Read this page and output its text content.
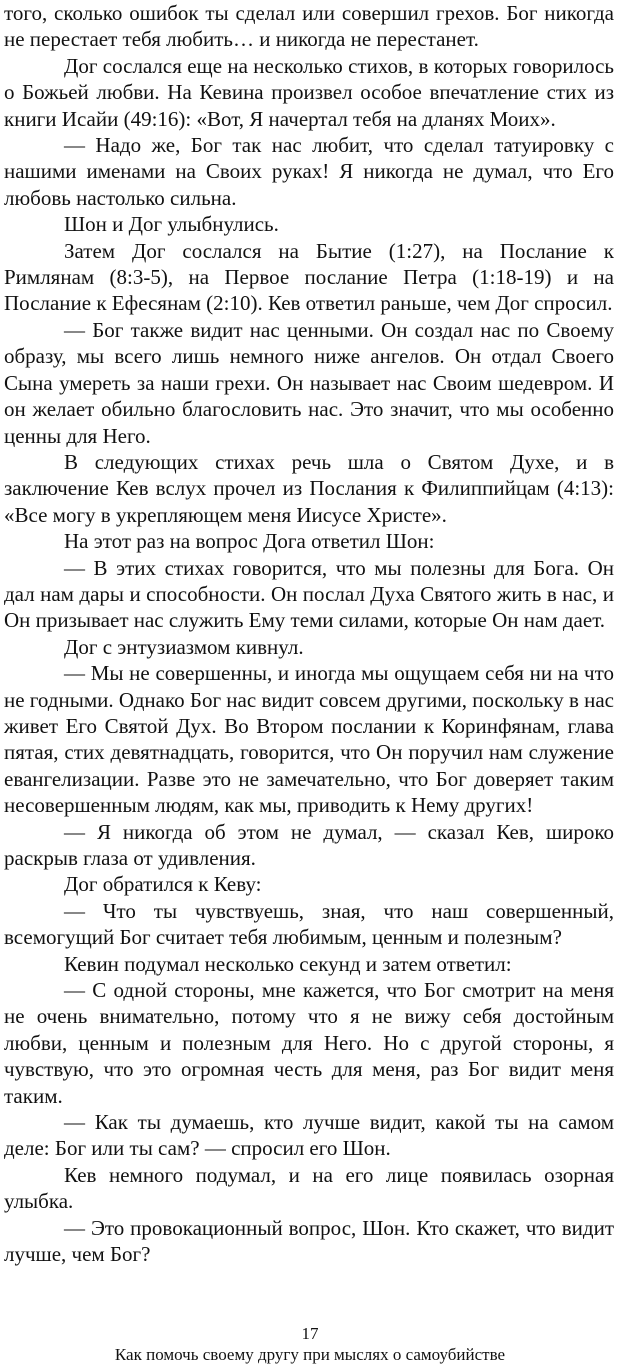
того, сколько ошибок ты сделал или совершил грехов. Бог никогда не перестает тебя любить… и никогда не перестанет.

Дог сослался еще на несколько стихов, в которых говорилось о Божьей любви. На Кевина произвел особое впечатление стих из книги Исайи (49:16): «Вот, Я начертал тебя на дланях Моих».

— Надо же, Бог так нас любит, что сделал татуировку с нашими именами на Своих руках! Я никогда не думал, что Его любовь настолько сильна.

Шон и Дог улыбнулись.

Затем Дог сослался на Бытие (1:27), на Послание к Римлянам (8:3-5), на Первое послание Петра (1:18-19) и на Послание к Ефесянам (2:10). Кев ответил раньше, чем Дог спросил.

— Бог также видит нас ценными. Он создал нас по Своему образу, мы всего лишь немного ниже ангелов. Он отдал Своего Сына умереть за наши грехи. Он называет нас Своим шедевром. И он желает обильно благословить нас. Это значит, что мы особенно ценны для Него.

В следующих стихах речь шла о Святом Духе, и в заключение Кев вслух прочел из Послания к Филиппийцам (4:13): «Все могу в укрепляющем меня Иисусе Христе».

На этот раз на вопрос Дога ответил Шон:

— В этих стихах говорится, что мы полезны для Бога. Он дал нам дары и способности. Он послал Духа Святого жить в нас, и Он призывает нас служить Ему теми силами, которые Он нам дает.

Дог с энтузиазмом кивнул.

— Мы не совершенны, и иногда мы ощущаем себя ни на что не годными. Однако Бог нас видит совсем другими, поскольку в нас живет Его Святой Дух. Во Втором послании к Коринфянам, глава пятая, стих девятнадцать, говорится, что Он поручил нам служение евангелизации. Разве это не замечательно, что Бог доверяет таким несовершенным людям, как мы, приводить к Нему других!

— Я никогда об этом не думал, — сказал Кев, широко раскрыв глаза от удивления.

Дог обратился к Кеву:

— Что ты чувствуешь, зная, что наш совершенный, всемогущий Бог считает тебя любимым, ценным и полезным?

Кевин подумал несколько секунд и затем ответил:

— С одной стороны, мне кажется, что Бог смотрит на меня не очень внимательно, потому что я не вижу себя достойным любви, ценным и полезным для Него. Но с другой стороны, я чувствую, что это огромная честь для меня, раз Бог видит меня таким.

— Как ты думаешь, кто лучше видит, какой ты на самом деле: Бог или ты сам? — спросил его Шон.

Кев немного подумал, и на его лице появилась озорная улыбка.

— Это провокационный вопрос, Шон. Кто скажет, что видит лучше, чем Бог?

17
Как помочь своему другу при мыслях о самоубийстве
